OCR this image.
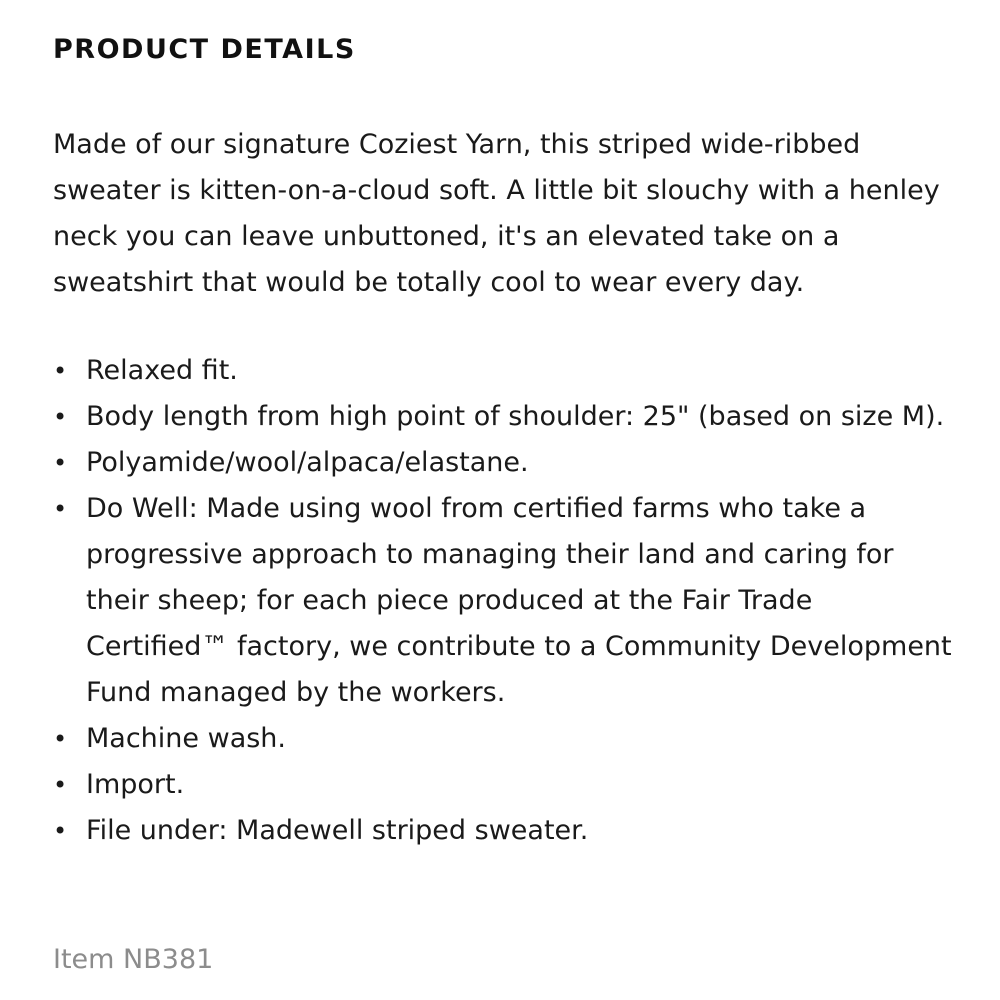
PRODUCT DETAILS

Made of our signature Coziest Yarn, this striped wide-ribbed sweater is kitten-on-a-cloud soft. A little bit slouchy with a henley neck you can leave unbuttoned, it's an elevated take on a sweatshirt that would be totally cool to wear every day.

• Relaxed fit.
• Body length from high point of shoulder: 25" (based on size M).
• Polyamide/wool/alpaca/elastane.
• Do Well: Made using wool from certified farms who take a progressive approach to managing their land and caring for their sheep; for each piece produced at the Fair Trade Certified™ factory, we contribute to a Community Development Fund managed by the workers.
• Machine wash.
• Import.
• File under: Madewell striped sweater.

Item NB381
